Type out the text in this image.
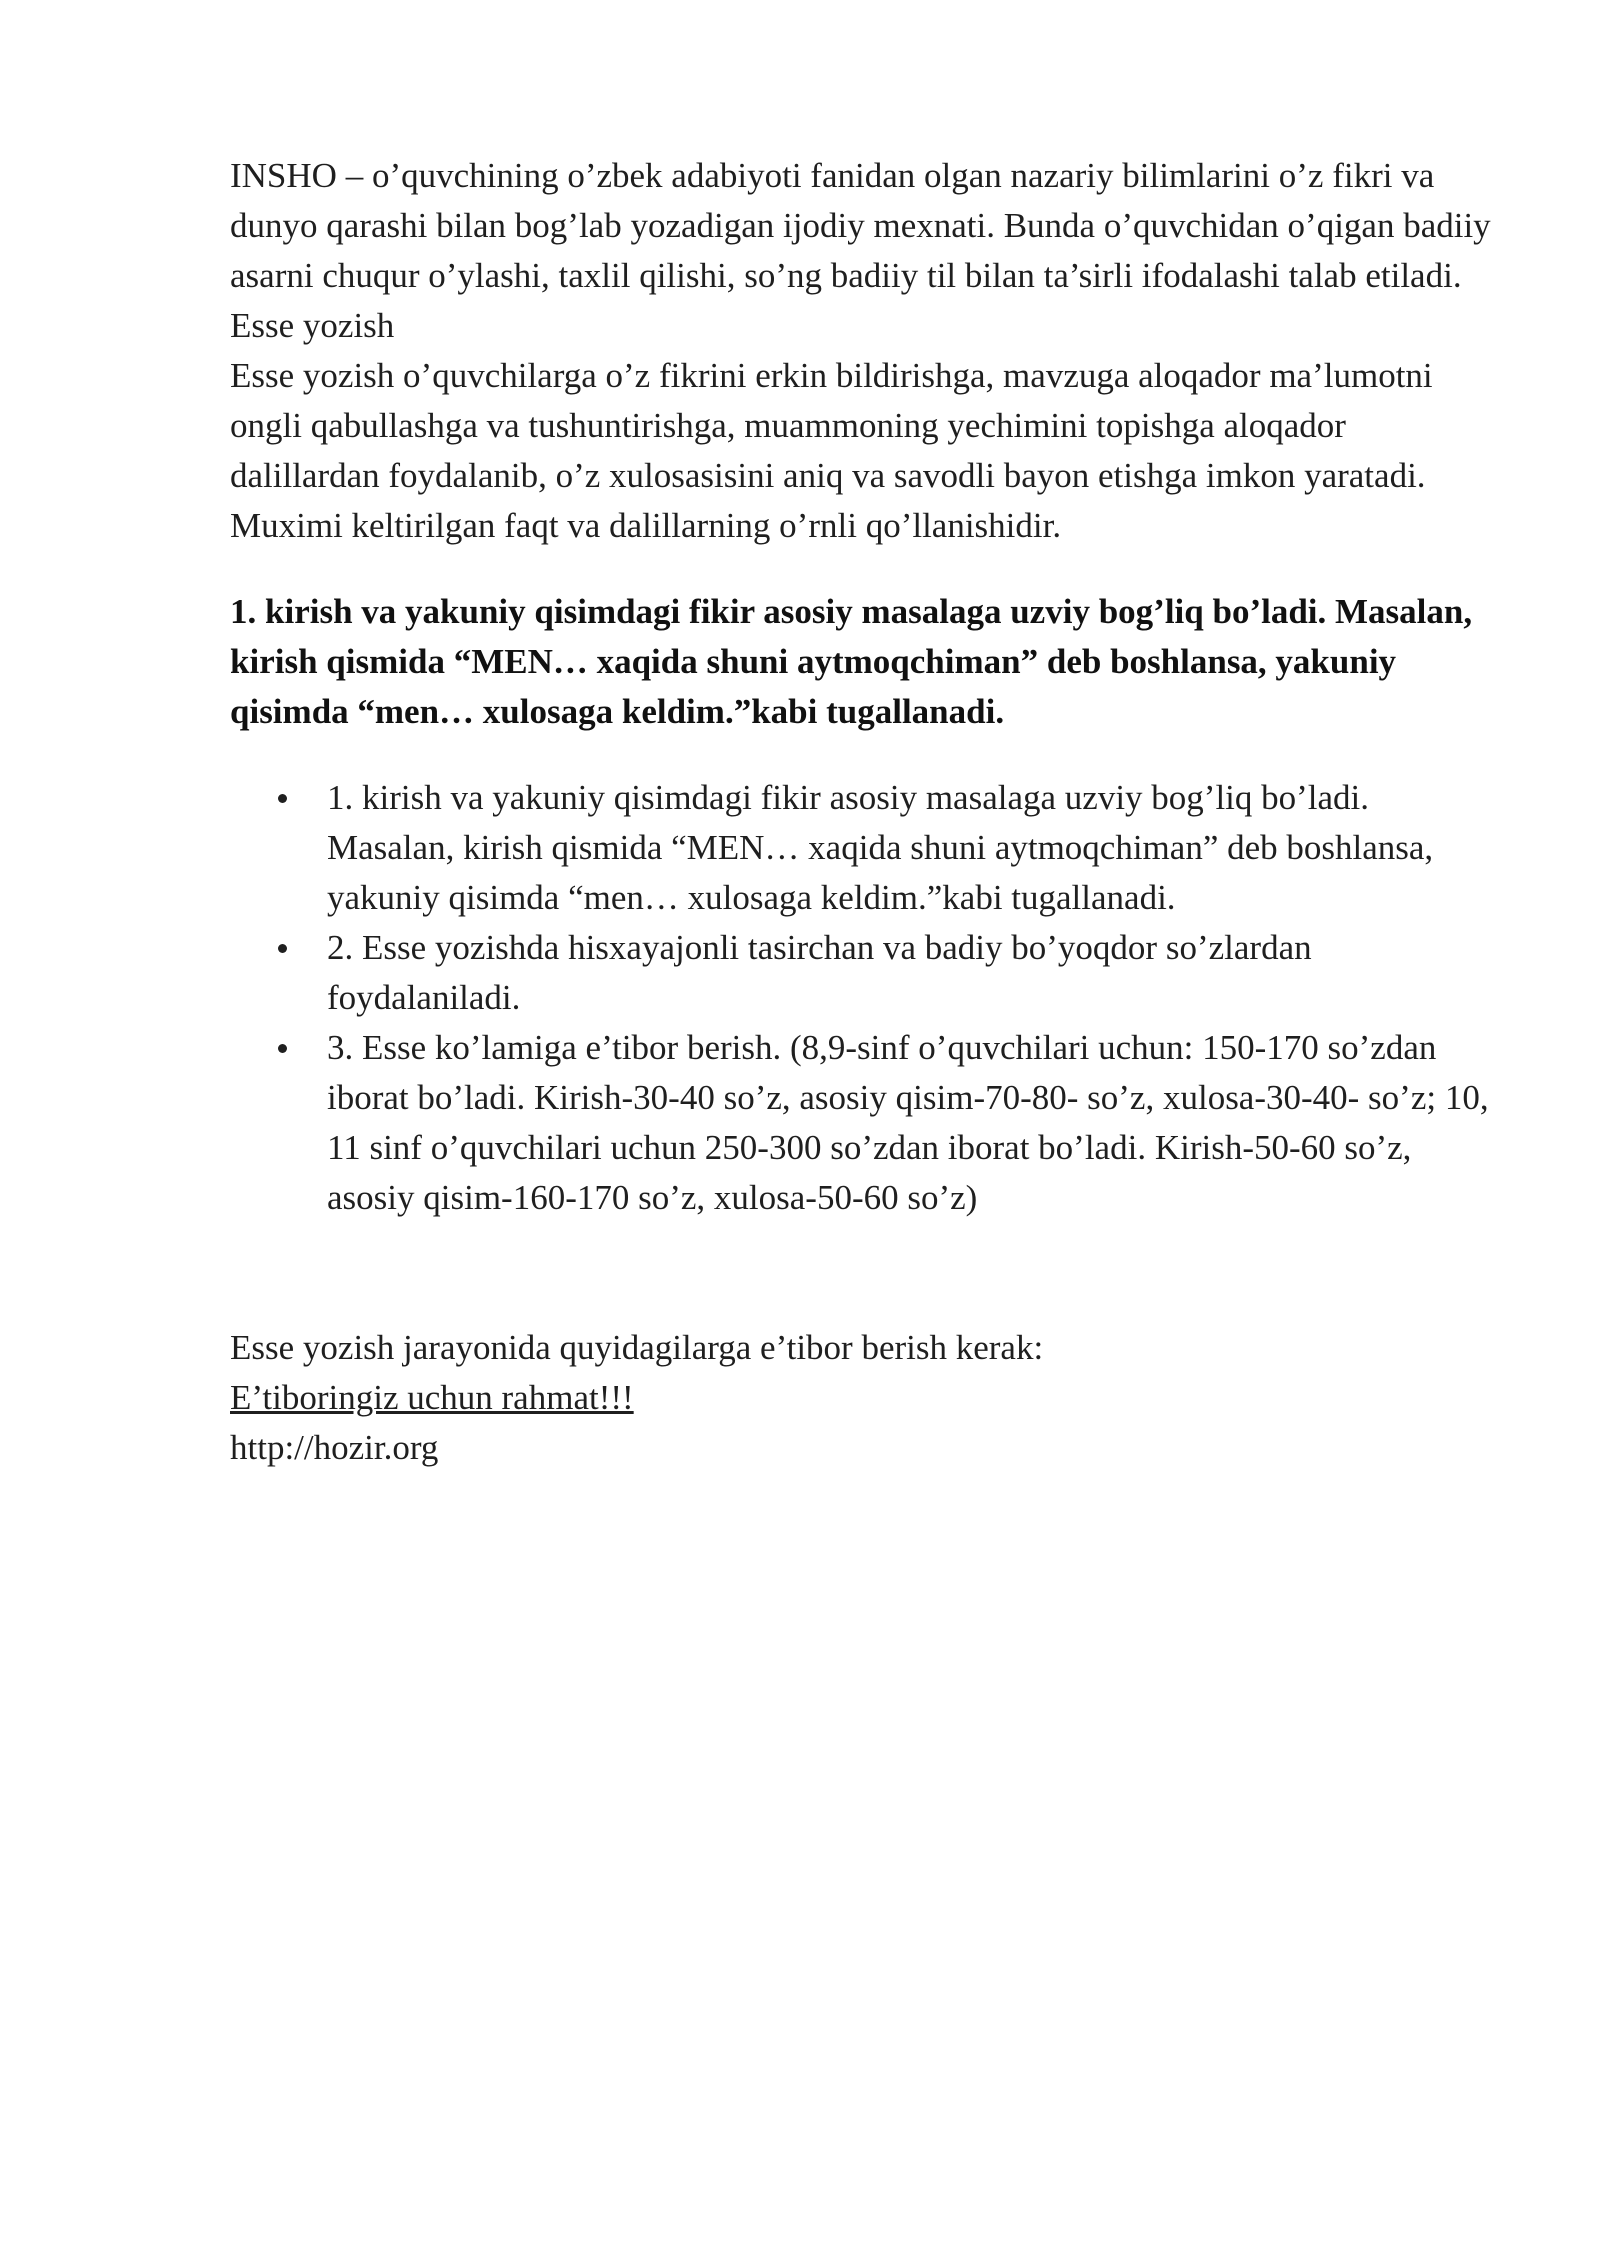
INSHO – o’quvchining o’zbek adabiyoti fanidan olgan nazariy bilimlarini o’z fikri va dunyo qarashi bilan bog’lab yozadigan ijodiy mexnati. Bunda o’quvchidan o’qigan badiiy asarni chuqur o’ylashi, taxlil qilishi, so’ng badiiy til bilan ta’sirli ifodalashi talab etiladi.

Esse yozish

Esse yozish o’quvchilarga o’z fikrini erkin bildirishga, mavzuga aloqador ma’lumotni ongli qabullashga va tushuntirishga, muammoning yechimini topishga aloqador dalillardan foydalanib, o’z xulosasisini aniq va savodli bayon etishga imkon yaratadi. Muximi keltirilgan faqt va dalillarning o’rnli qo’llanishidir.

1. kirish va yakuniy qisimdagi fikir asosiy masalaga uzviy bog’liq bo’ladi. Masalan, kirish qismida “MEN… xaqida shuni aytmoqchiman” deb boshlansa, yakuniy qisimda “men… xulosaga keldim.”kabi tugallanadi.

1. kirish va yakuniy qisimdagi fikir asosiy masalaga uzviy bog’liq bo’ladi. Masalan, kirish qismida “MEN… xaqida shuni aytmoqchiman” deb boshlansa, yakuniy qisimda “men… xulosaga keldim.”kabi tugallanadi.
2. Esse yozishda hisxayajonli tasirchan va badiy bo’yoqdor so’zlardan foydalaniladi.
3. Esse ko’lamiga e’tibor berish. (8,9-sinf o’quvchilari uchun: 150-170 so’zdan iborat bo’ladi. Kirish-30-40 so’z, asosiy qisim-70-80- so’z, xulosa-30-40- so’z; 10, 11 sinf o’quvchilari uchun 250-300 so’zdan iborat bo’ladi. Kirish-50-60 so’z, asosiy qisim-160-170 so’z, xulosa-50-60 so’z)

Esse yozish jarayonida quyidagilarga e’tibor berish kerak:

E’tiboringiz uchun rahmat!!!

http://hozir.org
